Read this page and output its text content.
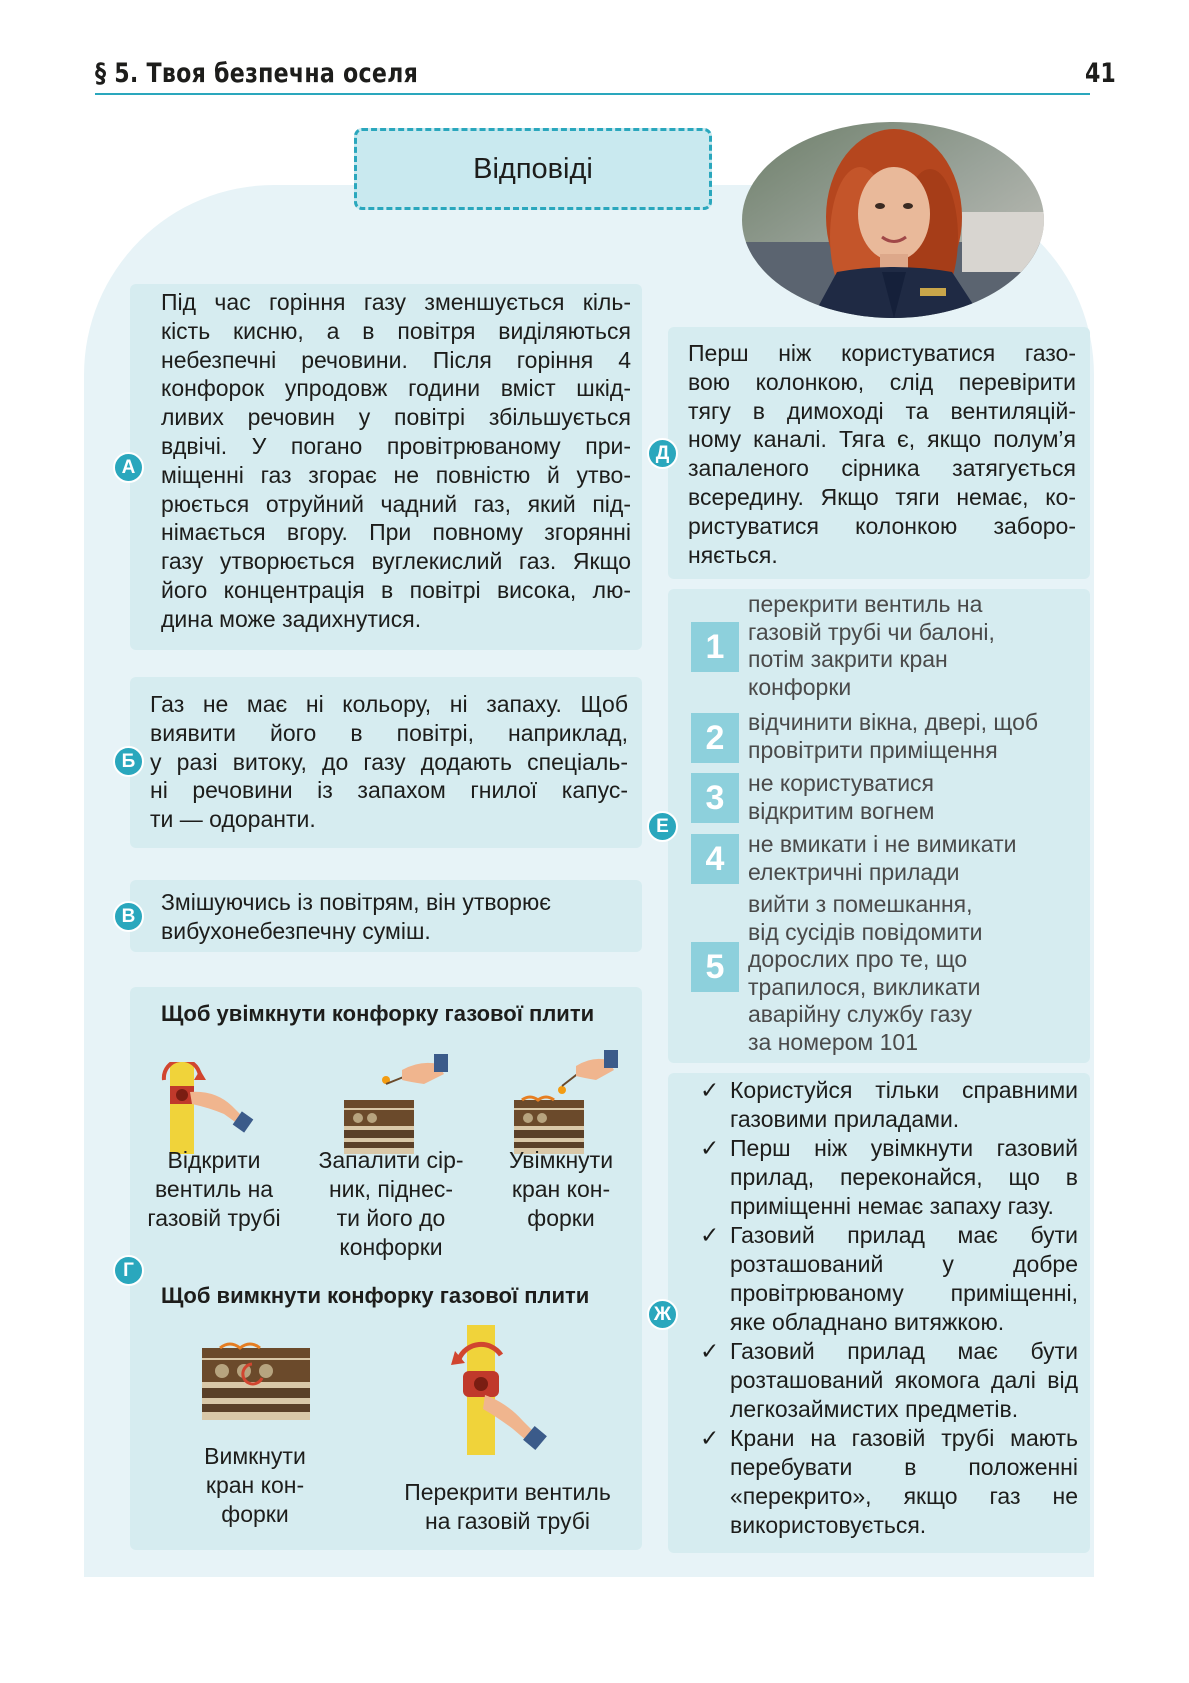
§ 5. Твоя безпечна оселя	41
Відповіді
А
Під час горіння газу зменшується кіль-
кість кисню, а в повітря виділяються
небезпечні речовини. Після горіння 4
конфорок упродовж години вміст шкід-
ливих речовин у повітрі збільшується
вдвічі. У погано провітрюваному при-
міщенні газ згорає не повністю й утво-
рюється отруйний чадний газ, який під-
німається вгору. При повному згорянні
газу утворюється вуглекислий газ. Якщо
його концентрація в повітрі висока, лю-
дина може задихнутися.
Б
Газ не має ні кольору, ні запаху. Щоб
виявити його в повітрі, наприклад,
у разі витоку, до газу додають спеціаль-
ні речовини із запахом гнилої капус-
ти — одоранти.
В
Змішуючись із повітрям, він утворює
вибухонебезпечну суміш.
Г
Щоб увімкнути конфорку газової плити
Відкрити
вентиль на
газовій трубі
Запалити сір-
ник, піднес-
ти його до
конфорки
Увімкнути
кран кон-
форки
Щоб вимкнути конфорку газової плити
Вимкнути
кран кон-
форки
Перекрити вентиль
на газовій трубі
Д
Перш ніж користуватися газо-
вою колонкою, слід перевірити
тягу в димоході та вентиляцій-
ному каналі. Тяга є, якщо полум’я
запаленого сірника затягується
всередину. Якщо тяги немає, ко-
ристуватися колонкою заборо-
няється.
Е
1
перекрити вентиль на
газовій трубі чи балоні,
потім закрити кран
конфорки
2	відчинити вікна, двері, щоб
провітрити приміщення
3	не користуватися
відкритим вогнем
4	не вмикати і не вимикати
електричні прилади
5
вийти з помешкання,
від сусідів повідомити
дорослих про те, що
трапилося, викликати
аварійну службу газу
за номером 101
Ж
✓ Користуйся тільки справними газовими приладами.
✓ Перш ніж увімкнути газовий прилад, переконайся, що в приміщенні немає запаху газу.
✓ Газовий прилад має бути розташований у добре провітрюваному приміщенні, яке обладнано витяжкою.
✓ Газовий прилад має бути розташований якомога далі від легкозаймистих предметів.
✓ Крани на газовій трубі мають перебувати в положенні «перекрито», якщо газ не використовується.
